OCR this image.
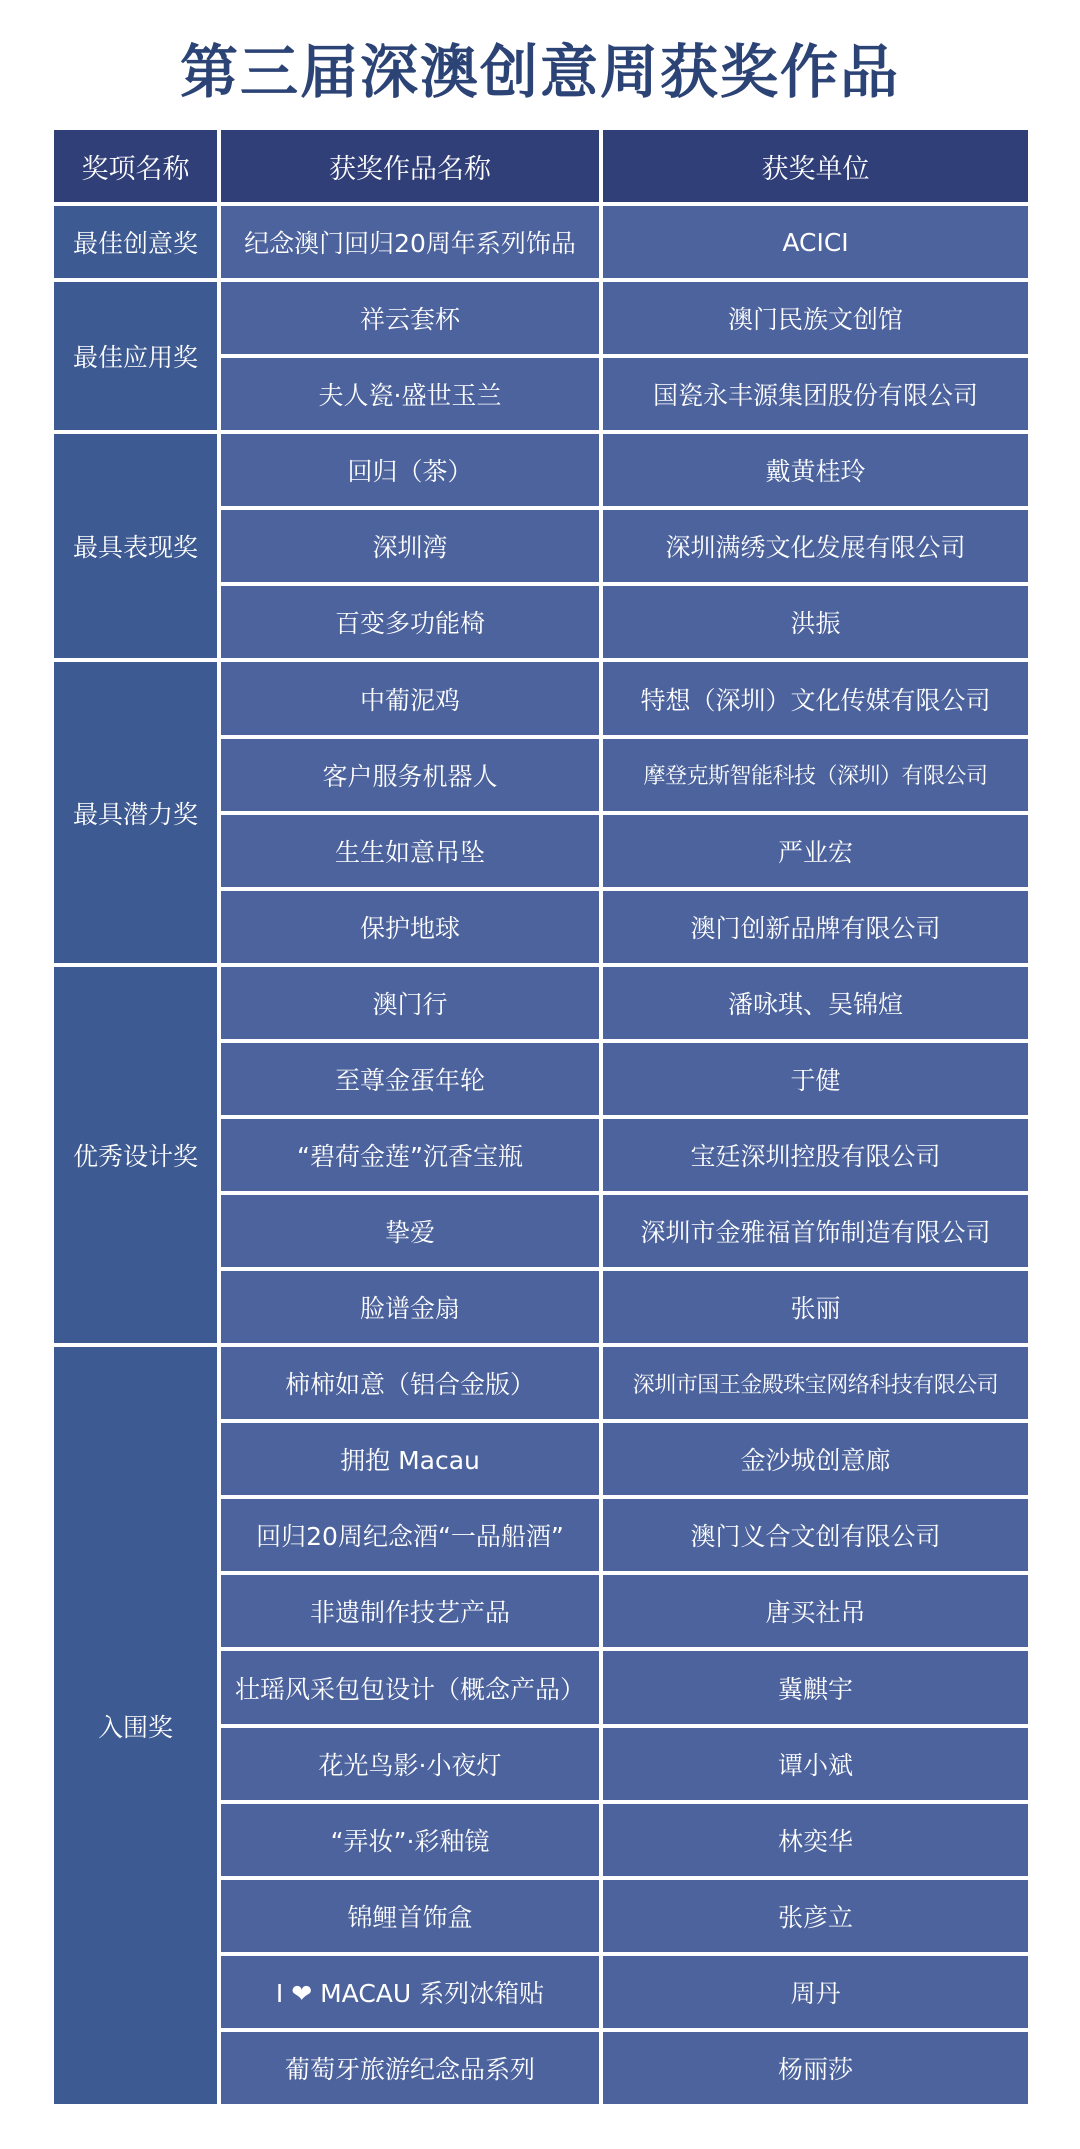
第三届深澳创意周获奖作品
奖项名称	获奖作品名称	获奖单位
最佳创意奖	纪念澳门回归20周年系列饰品	ACICI
最佳应用奖	祥云套杯	澳门民族文创馆
	夫人瓷·盛世玉兰	国瓷永丰源集团股份有限公司
最具表现奖	回归（茶）	戴黄桂玲
	深圳湾	深圳满绣文化发展有限公司
	百变多功能椅	洪振
最具潜力奖	中葡泥鸡	特想（深圳）文化传媒有限公司
	客户服务机器人	摩登克斯智能科技（深圳）有限公司
	生生如意吊坠	严业宏
	保护地球	澳门创新品牌有限公司
优秀设计奖	澳门行	潘咏琪、吴锦煊
	至尊金蛋年轮	于健
	“碧荷金莲”沉香宝瓶	宝廷深圳控股有限公司
	挚爱	深圳市金雅福首饰制造有限公司
	脸谱金扇	张丽
入围奖	柿柿如意（铝合金版）	深圳市国王金殿珠宝网络科技有限公司
	拥抱 Macau	金沙城创意廊
	回归20周纪念酒“一品船酒”	澳门义合文创有限公司
	非遗制作技艺产品	唐买社吊
	壮瑶风采包包设计（概念产品）	冀麒宇
	花光鸟影·小夜灯	谭小斌
	“弄妆”·彩釉镜	林奕华
	锦鲤首饰盒	张彦立
	I ❤ MACAU 系列冰箱贴	周丹
	葡萄牙旅游纪念品系列	杨丽莎
